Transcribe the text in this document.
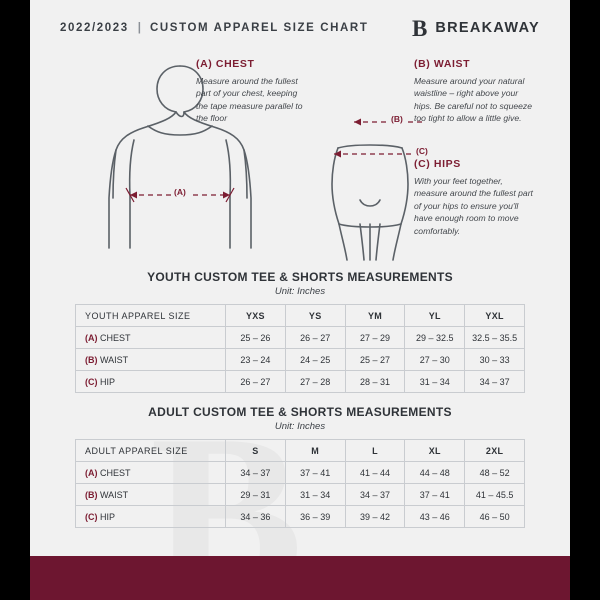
2022/2023 | CUSTOM APPAREL SIZE CHART B BREAKAWAY
(A) CHEST
Measure around the fullest part of your chest, keeping the tape measure parallel to the floor
(B) WAIST
Measure around your natural waistline – right above your hips. Be careful not to squeeze too tight to allow a little give.
(C) HIPS
With your feet together, measure around the fullest part of your hips to ensure you'll have enough room to move comfortably.
(A)
(B)
(C)
YOUTH CUSTOM TEE & SHORTS MEASUREMENTS
Unit: Inches
YOUTH APPAREL SIZE	YXS	YS	YM	YL	YXL
(A) CHEST	25 – 26	26 – 27	27 – 29	29 – 32.5	32.5 – 35.5
(B) WAIST	23 – 24	24 – 25	25 – 27	27 – 30	30 – 33
(C) HIP	26 – 27	27 – 28	28 – 31	31 – 34	34 – 37
ADULT CUSTOM TEE & SHORTS MEASUREMENTS
Unit: Inches
ADULT APPAREL SIZE	S	M	L	XL	2XL
(A) CHEST	34 – 37	37 – 41	41 – 44	44 – 48	48 – 52
(B) WAIST	29 – 31	31 – 34	34 – 37	37 – 41	41 – 45.5
(C) HIP	34 – 36	36 – 39	39 – 42	43 – 46	46 – 50
